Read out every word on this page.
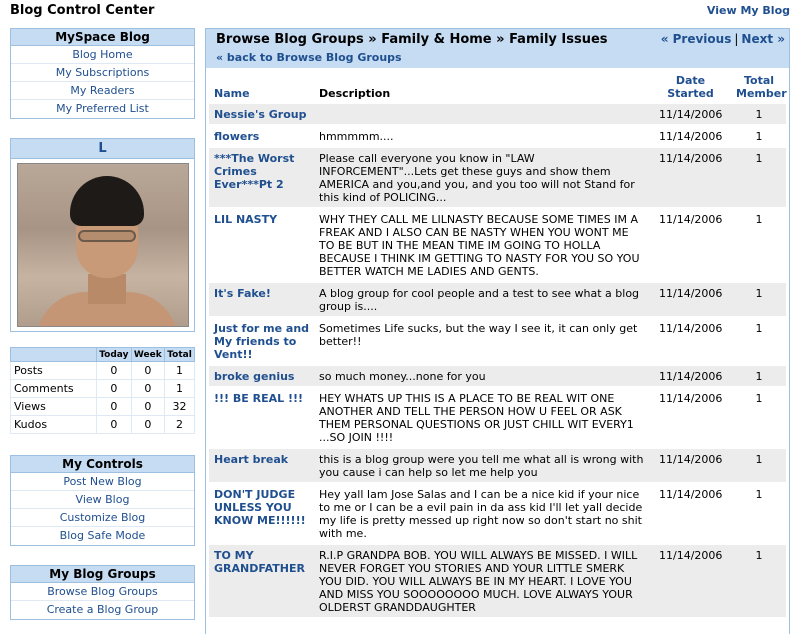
Blog Control Center	View My Blog
MySpace Blog
Blog Home
My Subscriptions
My Readers
My Preferred List
L
	Today	Week	Total
Posts	0	0	1
Comments	0	0	1
Views	0	0	32
Kudos	0	0	2
My Controls
Post New Blog
View Blog
Customize Blog
Blog Safe Mode
My Blog Groups
Browse Blog Groups
Create a Blog Group
Browse Blog Groups » Family & Home » Family Issues
« back to Browse Blog Groups
« Previous | Next »
Name	Description	Date Started	Total Member
Nessie's Group		11/14/2006	1
flowers	hmmmmm....	11/14/2006	1
***The Worst Crimes Ever***Pt 2	Please call everyone you know in "LAW INFORCEMENT"...Lets get these guys and show them AMERICA and you,and you, and you too will not Stand for this kind of POLICING...	11/14/2006	1
LIL NASTY	WHY THEY CALL ME LILNASTY BECAUSE SOME TIMES IM A FREAK AND I ALSO CAN BE NASTY WHEN YOU WONT ME TO BE BUT IN THE MEAN TIME IM GOING TO HOLLA BECAUSE I THINK IM GETTING TO NASTY FOR YOU SO YOU BETTER WATCH ME LADIES AND GENTS.	11/14/2006	1
It's Fake!	A blog group for cool people and a test to see what a blog group is....	11/14/2006	1
Just for me and My friends to Vent!!	Sometimes Life sucks, but the way I see it, it can only get better!!	11/14/2006	1
broke genius	so much money...none for you	11/14/2006	1
!!! BE REAL !!!	HEY WHATS UP THIS IS A PLACE TO BE REAL WIT ONE ANOTHER AND TELL THE PERSON HOW U FEEL OR ASK THEM PERSONAL QUESTIONS OR JUST CHILL WIT EVERY1 ...SO JOIN !!!!	11/14/2006	1
Heart break	this is a blog group were you tell me what all is wrong with you cause i can help so let me help you	11/14/2006	1
DON'T JUDGE UNLESS YOU KNOW ME!!!!!!	Hey yall Iam Jose Salas and I can be a nice kid if your nice to me or I can be a evil pain in da ass kid I'll let yall decide my life is pretty messed up right now so don't start no shit with me.	11/14/2006	1
TO MY GRANDFATHER	R.I.P GRANDPA BOB. YOU WILL ALWAYS BE MISSED. I WILL NEVER FORGET YOU STORIES AND YOUR LITTLE SMERK YOU DID. YOU WILL ALWAYS BE IN MY HEART. I LOVE YOU AND MISS YOU SOOOOOOOO MUCH. LOVE ALWAYS YOUR OLDERST GRANDDAUGHTER	11/14/2006	1
